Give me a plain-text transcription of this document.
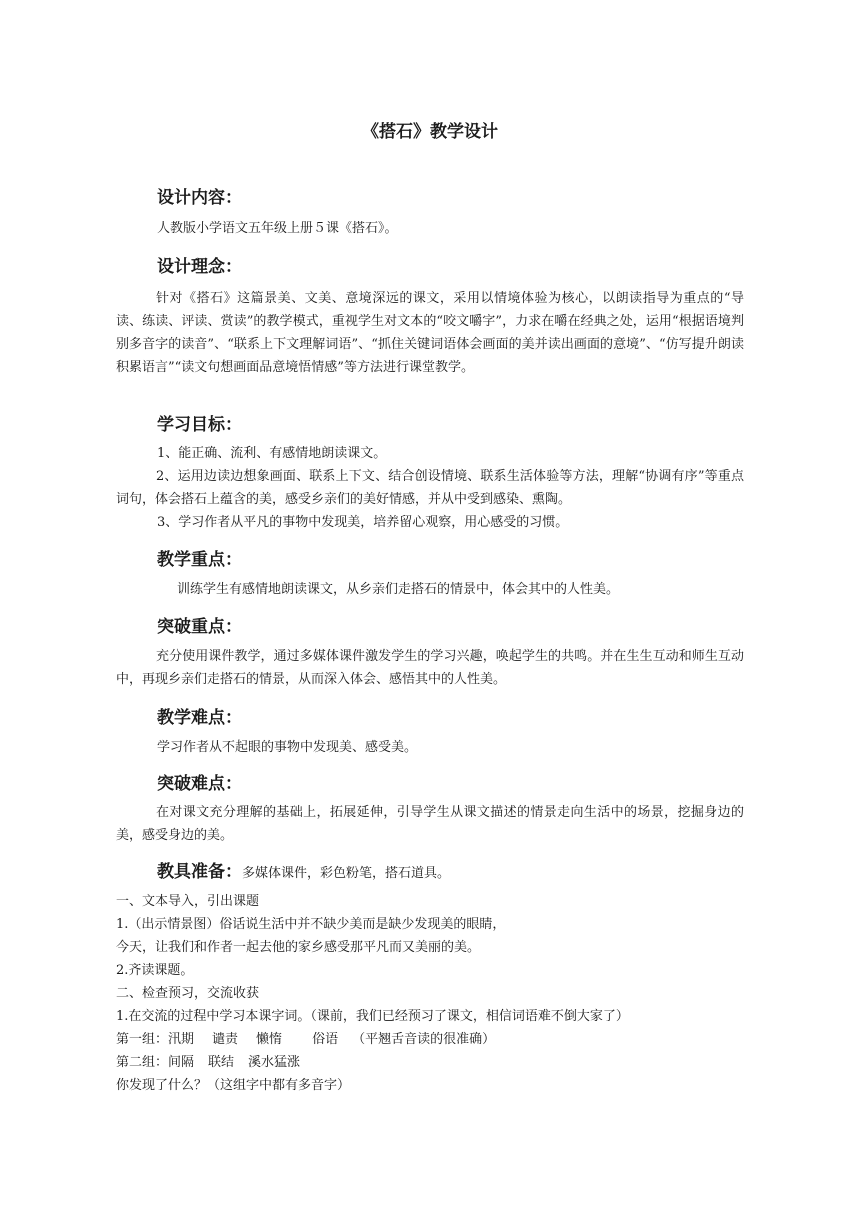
《搭石》教学设计
设计内容：
人教版小学语文五年级上册５课《搭石》。
设计理念：
针对《搭石》这篇景美、文美、意境深远的课文，采用以情境体验为核心，以朗读指导为重点的“导读、练读、评读、赏读”的教学模式，重视学生对文本的“咬文嚼字”，力求在嚼在经典之处，运用“根据语境判别多音字的读音”、“联系上下文理解词语”、“抓住关键词语体会画面的美并读出画面的意境”、“仿写提升朗读积累语言”“读文句想画面品意境悟情感”等方法进行课堂教学。
学习目标：
1、能正确、流利、有感情地朗读课文。
2、运用边读边想象画面、联系上下文、结合创设情境、联系生活体验等方法，理解“协调有序”等重点词句，体会搭石上蕴含的美，感受乡亲们的美好情感，并从中受到感染、熏陶。
3、学习作者从平凡的事物中发现美，培养留心观察，用心感受的习惯。
教学重点：
训练学生有感情地朗读课文，从乡亲们走搭石的情景中，体会其中的人性美。
突破重点：
充分使用课件教学，通过多媒体课件激发学生的学习兴趣，唤起学生的共鸣。并在生生互动和师生互动中，再现乡亲们走搭石的情景，从而深入体会、感悟其中的人性美。
教学难点：
学习作者从不起眼的事物中发现美、感受美。
突破难点：
在对课文充分理解的基础上，拓展延伸，引导学生从课文描述的情景走向生活中的场景，挖掘身边的美，感受身边的美。
教具准备：多媒体课件，彩色粉笔，搭石道具。
一、文本导入，引出课题
1.（出示情景图）俗话说生活中并不缺少美而是缺少发现美的眼睛，
今天，让我们和作者一起去他的家乡感受那平凡而又美丽的美。
2.齐读课题。
二、检查预习，交流收获
1.在交流的过程中学习本课字词。（课前，我们已经预习了课文，相信词语难不倒大家了）
第一组：汛期 谴责 懒惰 俗语 （平翘舌音读的很准确）
第二组：间隔 联结 溪水猛涨
你发现了什么？（这组字中都有多音字）
